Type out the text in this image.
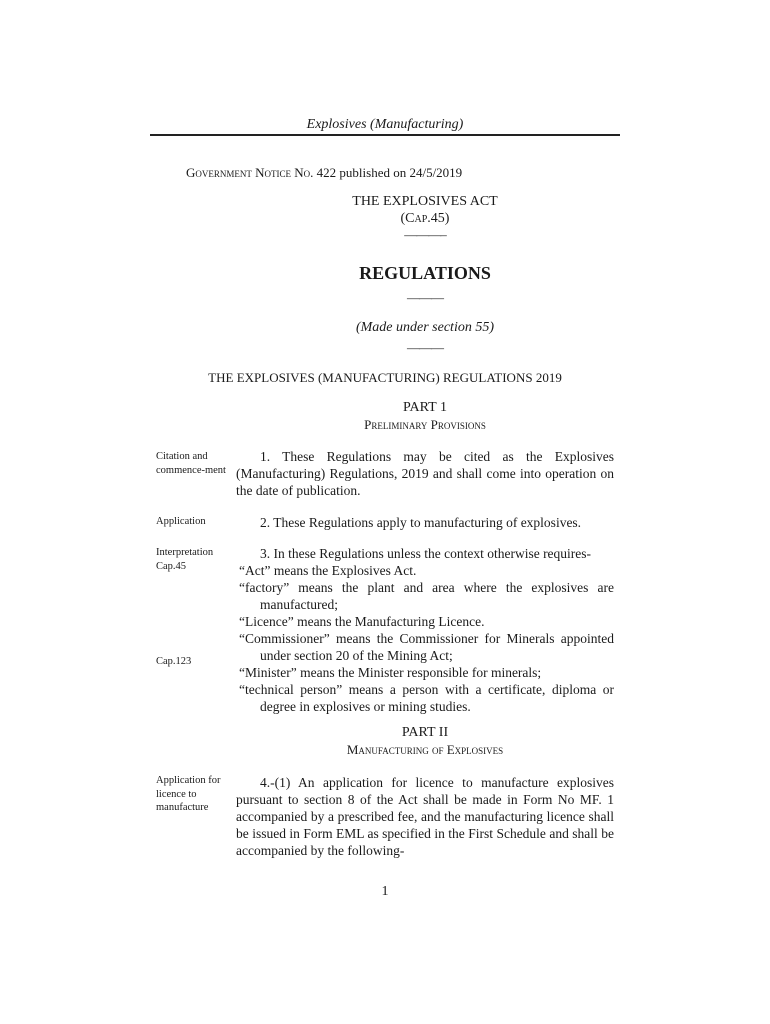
Explosives (Manufacturing)
Government Notice No. 422 published on 24/5/2019
THE EXPLOSIVES ACT
(Cap.45)
———–
REGULATIONS
———
(Made under section 55)
———
THE EXPLOSIVES (MANUFACTURING) REGULATIONS 2019
PART 1
Preliminary Provisions
Citation and commence-ment

1. These Regulations may be cited as the Explosives (Manufacturing) Regulations, 2019 and shall come into operation on the date of publication.

Application	2. These Regulations apply to manufacturing of explosives.

Interpretation Cap.45
Cap.123

3. In these Regulations unless the context otherwise requires-

“Act” means the Explosives Act.

“factory” means the plant and area where the explosives are manufactured;

“Licence” means the Manufacturing Licence.

“Commissioner” means the Commissioner for Minerals appointed under section 20 of the Mining Act;

“Minister” means the Minister responsible for minerals;

“technical person” means a person with a certificate, diploma or degree in explosives or mining studies.

PART II
Manufacturing of Explosives
Application for licence to manufacture

4.-(1) An application for licence to manufacture explosives pursuant to section 8 of the Act shall be made in Form No MF. 1 accompanied by a prescribed fee, and the manufacturing licence shall be issued in Form EML as specified in the First Schedule and shall be accompanied by the following-

1
